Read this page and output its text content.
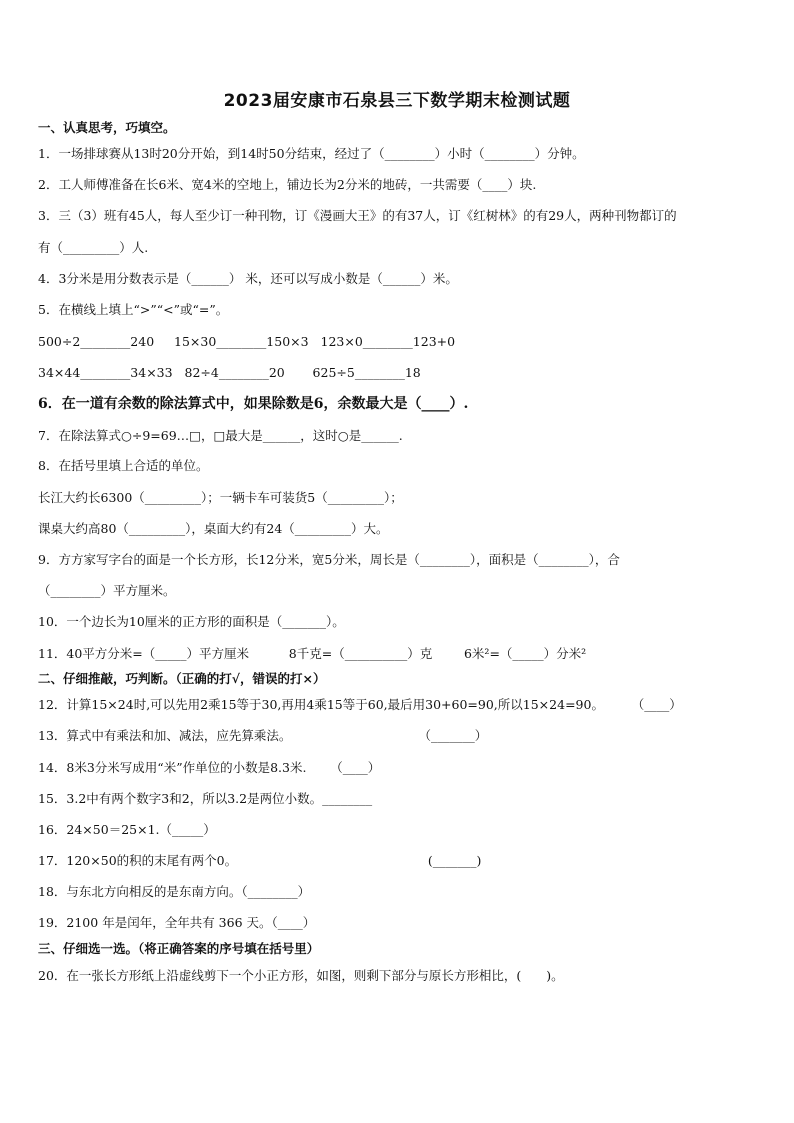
2023届安康市石泉县三下数学期末检测试题
一、认真思考，巧填空。
1．一场排球赛从13时20分开始，到14时50分结束，经过了（________）小时（________）分钟。
2．工人师傅准备在长6米、宽4米的空地上，铺边长为2分米的地砖，一共需要（____）块.
3．三（3）班有45人，每人至少订一种刊物，订《漫画大王》的有37人，订《红树林》的有29人，两种刊物都订的
有（_________）人.
4．3分米是用分数表示是（______） 米，还可以写成小数是（______）米。
5．在横线上填上“>”“<”或“=”。
500÷2________240     15×30________150×3   123×0________123+0
34×44________34×33   82÷4________20       625÷5________18
6．在一道有余数的除法算式中，如果除数是6，余数最大是（____）.
7．在除法算式○÷9=69…□，□最大是______，这时○是______.
8．在括号里填上合适的单位。
长江大约长6300（_________）；一辆卡车可装货5（_________）；
课桌大约高80（_________），桌面大约有24（_________）大。
9．方方家写字台的面是一个长方形，长12分米，宽5分米，周长是（________），面积是（________），合
（________）平方厘米。
10．一个边长为10厘米的正方形的面积是（_______）。
11．40平方分米=（_____）平方厘米          8千克=（__________）克        6米²=（_____）分米²
二、仔细推敲，巧判断。（正确的打√，错误的打×）
12．计算15×24时,可以先用2乘15等于30,再用4乘15等于60,最后用30+60=90,所以15×24=90。       （____）
13．算式中有乘法和加、减法，应先算乘法。                                （_______）
14．8米3分米写成用“米”作单位的小数是8.3米.      （____）
15．3.2中有两个数字3和2，所以3.2是两位小数。________
16．24×50＝25×1.（_____）
17．120×50的积的末尾有两个0。                                                (_______)
18．与东北方向相反的是东南方向。（________）
19．2100 年是闰年，全年共有 366 天。（____）
三、仔细选一选。（将正确答案的序号填在括号里）
20．在一张长方形纸上沿虚线剪下一个小正方形，如图，则剩下部分与原长方形相比，(　　)。
